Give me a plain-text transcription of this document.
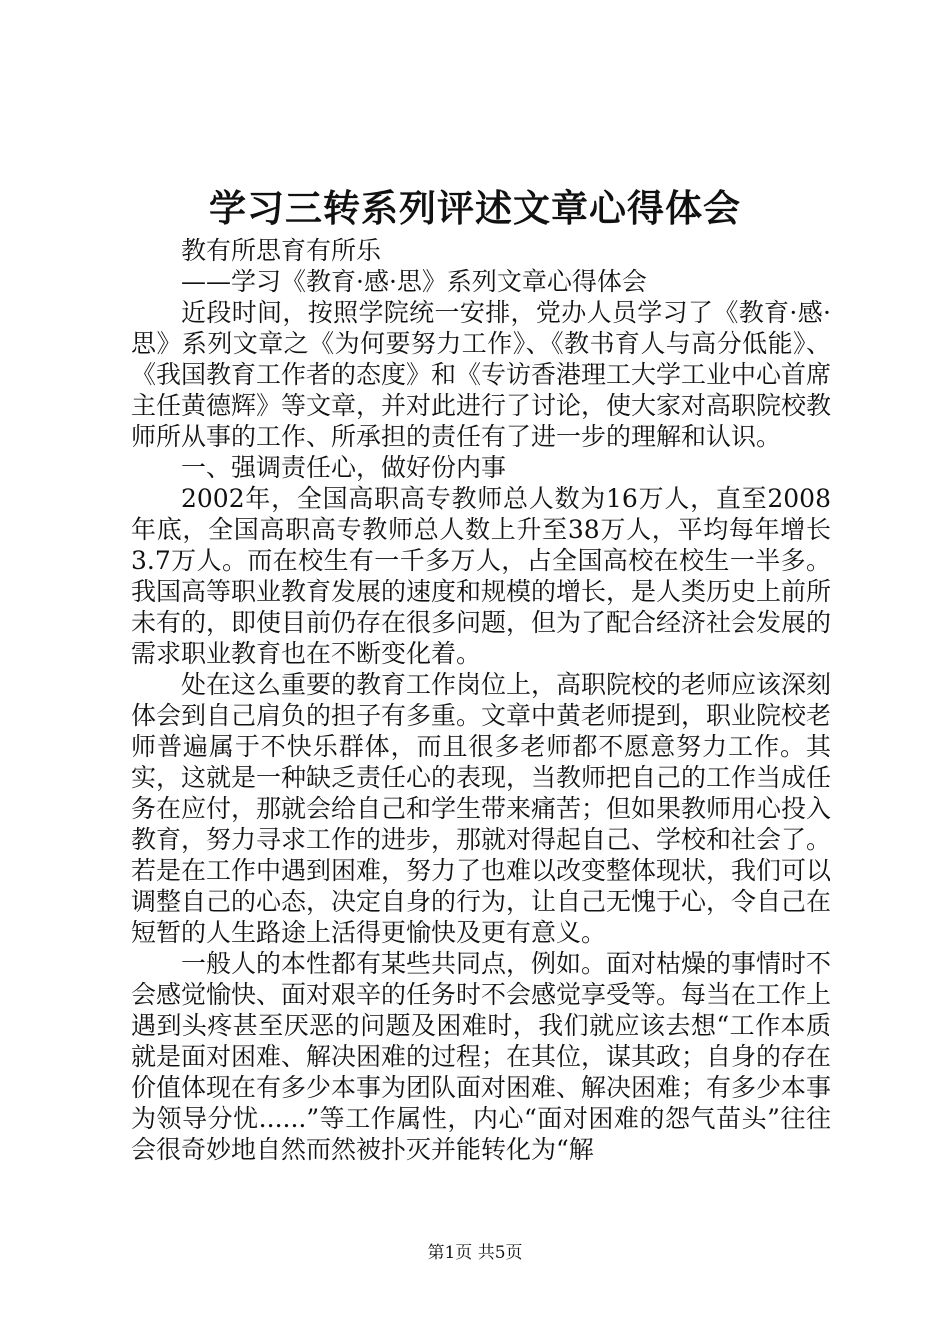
学习三转系列评述文章心得体会

教有所思育有所乐

——学习《教育·感·思》系列文章心得体会

近段时间，按照学院统一安排，党办人员学习了《教育·感·思》系列文章之《为何要努力工作》、《教书育人与高分低能》、《我国教育工作者的态度》和《专访香港理工大学工业中心首席主任黄德辉》等文章，并对此进行了讨论，使大家对高职院校教师所从事的工作、所承担的责任有了进一步的理解和认识。

一、强调责任心，做好份内事

2002年，全国高职高专教师总人数为16万人，直至2008年底，全国高职高专教师总人数上升至38万人，平均每年增长3.7万人。而在校生有一千多万人，占全国高校在校生一半多。我国高等职业教育发展的速度和规模的增长，是人类历史上前所未有的，即使目前仍存在很多问题，但为了配合经济社会发展的需求职业教育也在不断变化着。

处在这么重要的教育工作岗位上，高职院校的老师应该深刻体会到自己肩负的担子有多重。文章中黄老师提到，职业院校老师普遍属于不快乐群体，而且很多老师都不愿意努力工作。其实，这就是一种缺乏责任心的表现，当教师把自己的工作当成任务在应付，那就会给自己和学生带来痛苦；但如果教师用心投入教育，努力寻求工作的进步，那就对得起自己、学校和社会了。若是在工作中遇到困难，努力了也难以改变整体现状，我们可以调整自己的心态，决定自身的行为，让自己无愧于心，令自己在短暂的人生路途上活得更愉快及更有意义。

一般人的本性都有某些共同点，例如。面对枯燥的事情时不会感觉愉快、面对艰辛的任务时不会感觉享受等。每当在工作上遇到头疼甚至厌恶的问题及困难时，我们就应该去想“工作本质就是面对困难、解决困难的过程；在其位，谋其政；自身的存在价值体现在有多少本事为团队面对困难、解决困难；有多少本事为领导分忧......”等工作属性，内心“面对困难的怨气苗头”往往会很奇妙地自然而然被扑灭并能转化为“解

第1页 共5页
